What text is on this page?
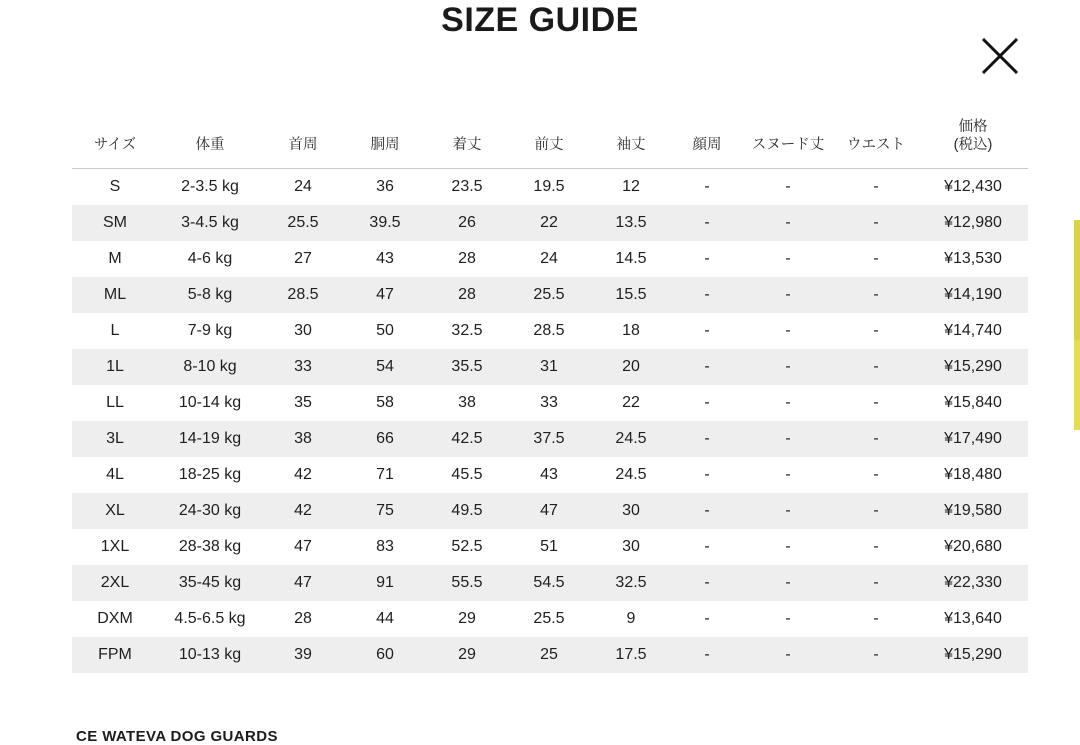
SIZE GUIDE
サイズ	体重	首周	胴周	着丈	前丈	袖丈	顔周	スヌード丈	ウエスト	価格
(税込)
S	2-3.5 kg	24	36	23.5	19.5	12	-	-	-	¥12,430
SM	3-4.5 kg	25.5	39.5	26	22	13.5	-	-	-	¥12,980
M	4-6 kg	27	43	28	24	14.5	-	-	-	¥13,530
ML	5-8 kg	28.5	47	28	25.5	15.5	-	-	-	¥14,190
L	7-9 kg	30	50	32.5	28.5	18	-	-	-	¥14,740
1L	8-10 kg	33	54	35.5	31	20	-	-	-	¥15,290
LL	10-14 kg	35	58	38	33	22	-	-	-	¥15,840
3L	14-19 kg	38	66	42.5	37.5	24.5	-	-	-	¥17,490
4L	18-25 kg	42	71	45.5	43	24.5	-	-	-	¥18,480
XL	24-30 kg	42	75	49.5	47	30	-	-	-	¥19,580
1XL	28-38 kg	47	83	52.5	51	30	-	-	-	¥20,680
2XL	35-45 kg	47	91	55.5	54.5	32.5	-	-	-	¥22,330
DXM	4.5-6.5 kg	28	44	29	25.5	9	-	-	-	¥13,640
FPM	10-13 kg	39	60	29	25	17.5	-	-	-	¥15,290
CE WATEVA DOG GUARDS
